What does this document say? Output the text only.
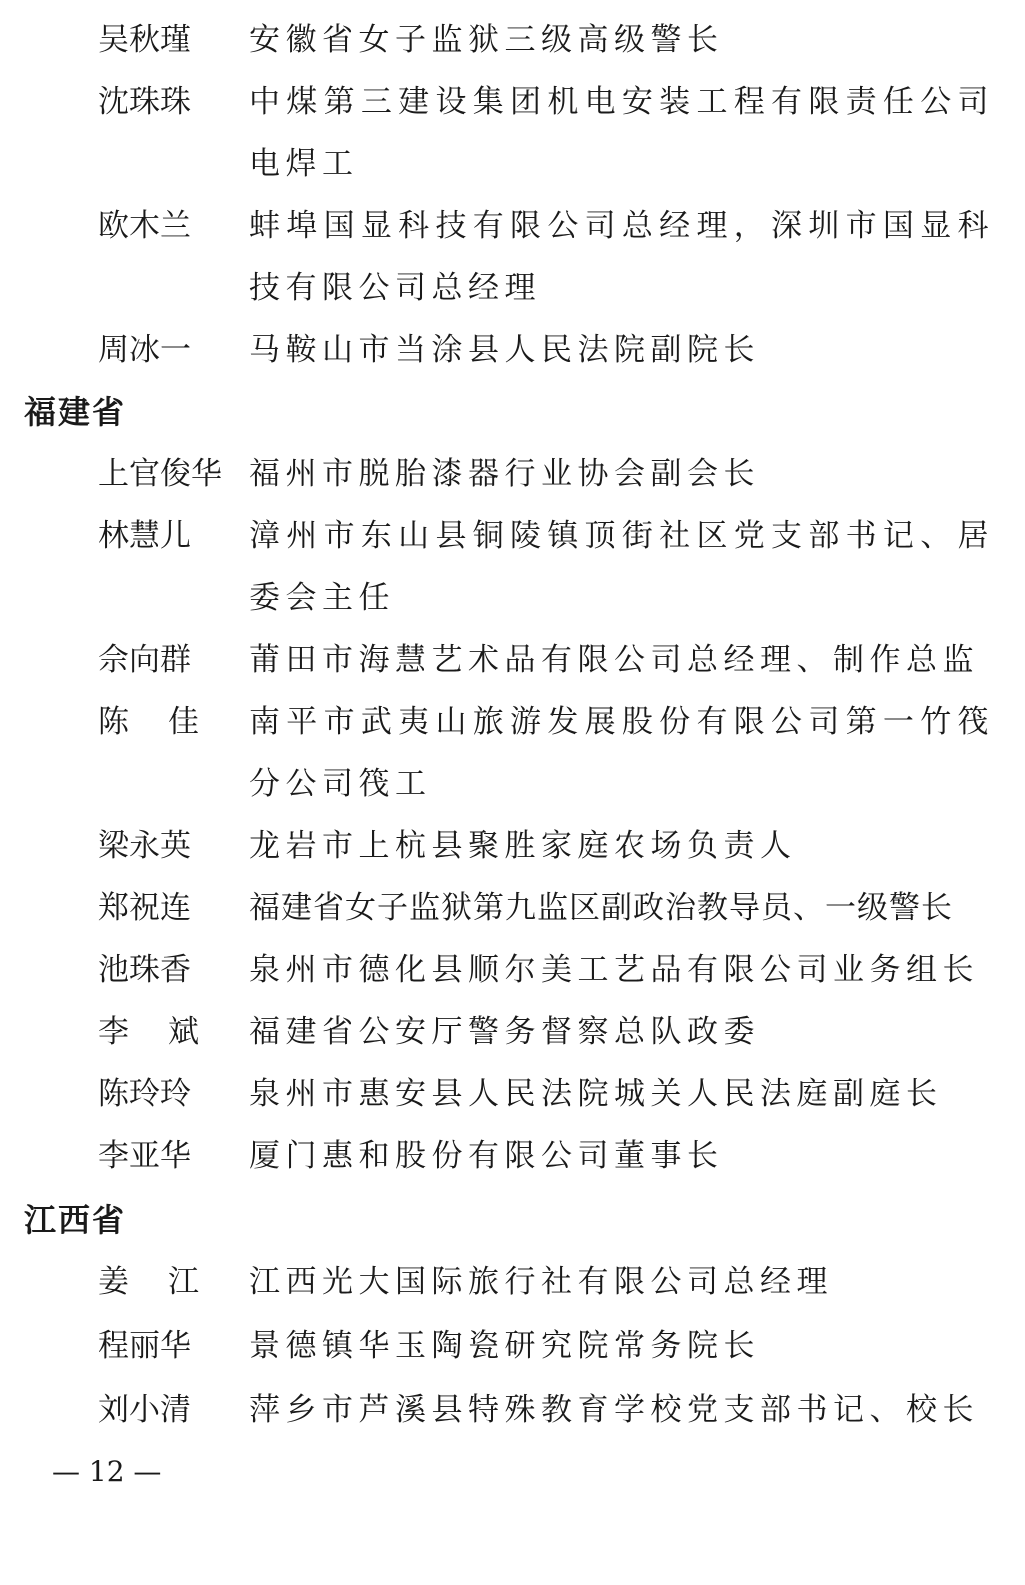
吴秋瑾	安徽省女子监狱三级高级警长
沈珠珠	中煤第三建设集团机电安装工程有限责任公司电焊工
欧木兰	蚌埠国显科技有限公司总经理，深圳市国显科技有限公司总经理
周冰一	马鞍山市当涂县人民法院副院长
福建省
上官俊华 福州市脱胎漆器行业协会副会长
林慧儿	漳州市东山县铜陵镇顶街社区党支部书记、居委会主任
佘向群	莆田市海慧艺术品有限公司总经理、制作总监
陈　佳	南平市武夷山旅游发展股份有限公司第一竹筏分公司筏工
梁永英	龙岩市上杭县聚胜家庭农场负责人
郑祝连	福建省女子监狱第九监区副政治教导员、一级警长
池珠香	泉州市德化县顺尔美工艺品有限公司业务组长
李　斌	福建省公安厅警务督察总队政委
陈玲玲	泉州市惠安县人民法院城关人民法庭副庭长
李亚华	厦门惠和股份有限公司董事长
江西省
姜　江	江西光大国际旅行社有限公司总经理
程丽华	景德镇华玉陶瓷研究院常务院长
刘小清	萍乡市芦溪县特殊教育学校党支部书记、校长
— 12 —
